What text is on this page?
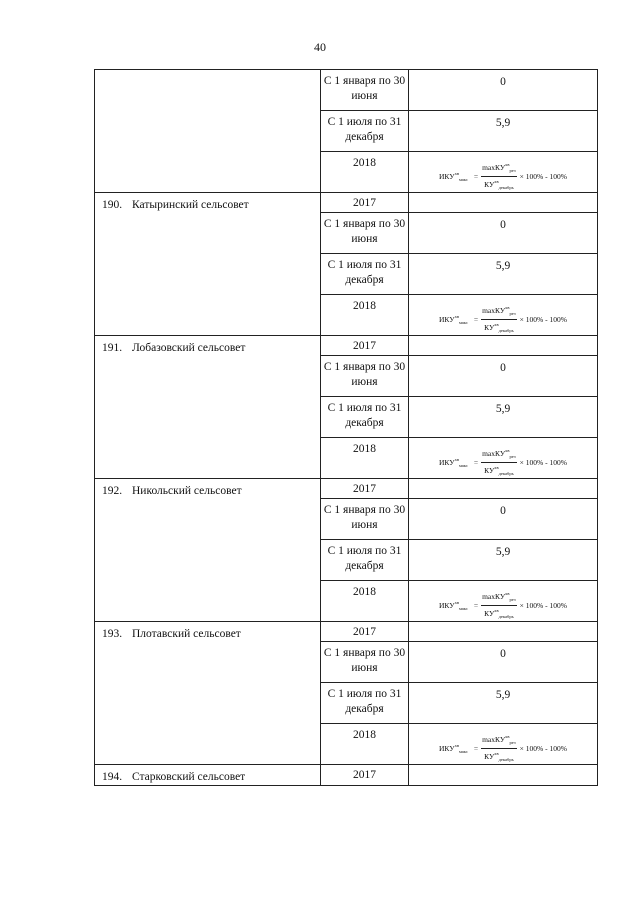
40

	С 1 января по 30 июня	0

	С 1 июля по 31 декабря	5,9

	2018	$ИКУ^{хв}_{макс} = \frac{\max КУ^{хв}_{рез}}{КУ^{хв}_{декабрь}} \times 100\% - 100\%$

190. Катыринский сельсовет	2017	

	С 1 января по 30 июня	0

	С 1 июля по 31 декабря	5,9

	2018	$ИКУ^{хв}_{макс} = \frac{\max КУ^{хв}_{рез}}{КУ^{хв}_{декабрь}} \times 100\% - 100\%$

191. Лобазовский сельсовет	2017	

	С 1 января по 30 июня	0

	С 1 июля по 31 декабря	5,9

	2018	$ИКУ^{хв}_{макс} = \frac{\max КУ^{хв}_{рез}}{КУ^{хв}_{декабрь}} \times 100\% - 100\%$

192. Никольский сельсовет	2017	

	С 1 января по 30 июня	0

	С 1 июля по 31 декабря	5,9

	2018	$ИКУ^{хв}_{макс} = \frac{\max КУ^{хв}_{рез}}{КУ^{хв}_{декабрь}} \times 100\% - 100\%$

193. Плотавский сельсовет	2017	

	С 1 января по 30 июня	0

	С 1 июля по 31 декабря	5,9

	2018	$ИКУ^{хв}_{макс} = \frac{\max КУ^{хв}_{рез}}{КУ^{хв}_{декабрь}} \times 100\% - 100\%$

194. Старковский сельсовет	2017	
